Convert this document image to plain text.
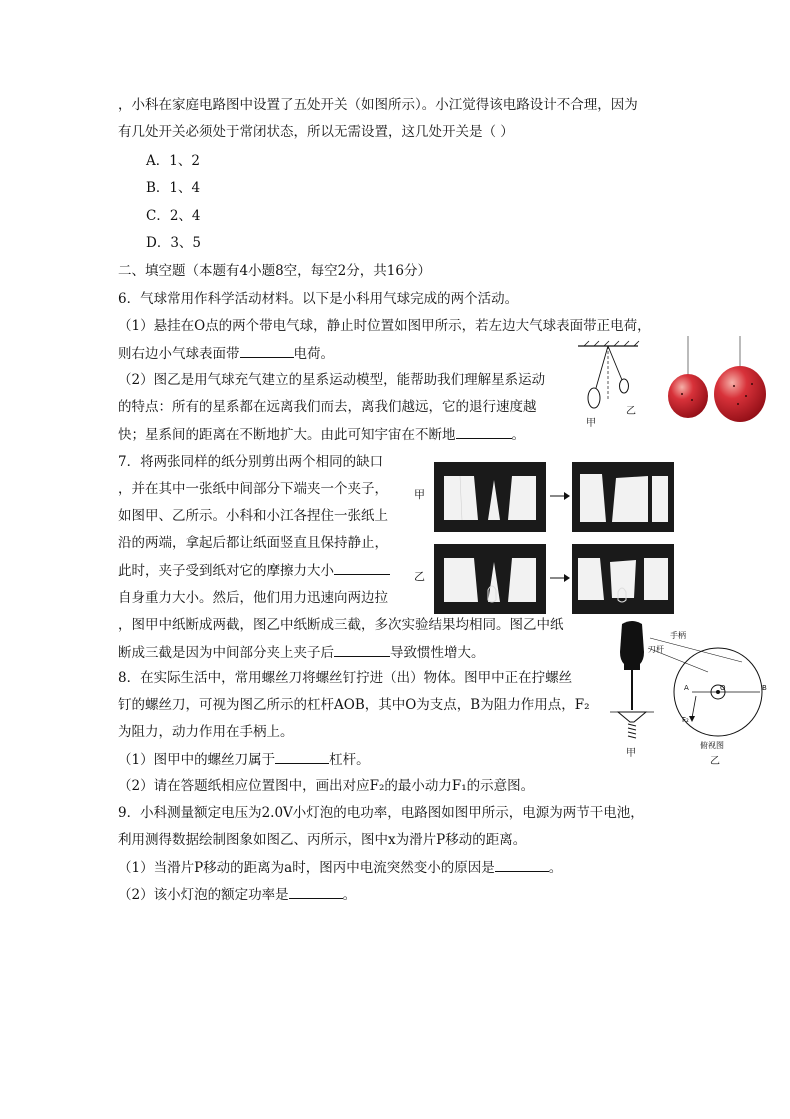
，小科在家庭电路图中设置了五处开关（如图所示）。小江觉得该电路设计不合理，因为
有几处开关必须处于常闭状态，所以无需设置，这几处开关是（ ）
A．1、2
B．1、4
C．2、4
D．3、5
二、填空题（本题有4小题8空，每空2分，共16分）
6．气球常用作科学活动材料。以下是小科用气球完成的两个活动。
（1）悬挂在O点的两个带电气球，静止时位置如图甲所示，若左边大气球表面带正电荷，
则右边小气球表面带	电荷。
（2）图乙是用气球充气建立的星系运动模型，能帮助我们理解星系运动
的特点：所有的星系都在远离我们而去，离我们越远，它的退行速度越
快；星系间的距离在不断地扩大。由此可知宇宙在不断地	。
甲
乙
7．将两张同样的纸分别剪出两个相同的缺口
，并在其中一张纸中间部分下端夹一个夹子，
如图甲、乙所示。小科和小江各捏住一张纸上
沿的两端，拿起后都让纸面竖直且保持静止，
此时，夹子受到纸对它的摩擦力大小
自身重力大小。然后，他们用力迅速向两边拉
，图甲中纸断成两截，图乙中纸断成三截，多次实验结果均相同。图乙中纸
断成三截是因为中间部分夹上夹子后	导致惯性增大。
甲
乙
8．在实际生活中，常用螺丝刀将螺丝钉拧进（出）物体。图甲中正在拧螺丝
钉的螺丝刀，可视为图乙所示的杠杆AOB，其中O为支点，B为阻力作用点，F₂
为阻力，动力作用在手柄上。
（1）图甲中的螺丝刀属于	杠杆。
（2）请在答题纸相应位置图中，画出对应F₂的最小动力F₁的示意图。
甲
手柄
刀杆
A	O	B
F₂
俯视图
乙
9．小科测量额定电压为2.0V小灯泡的电功率，电路图如图甲所示，电源为两节干电池，
利用测得数据绘制图象如图乙、丙所示，图中x为滑片P移动的距离。
（1）当滑片P移动的距离为a时，图丙中电流突然变小的原因是	。
（2）该小灯泡的额定功率是	。
